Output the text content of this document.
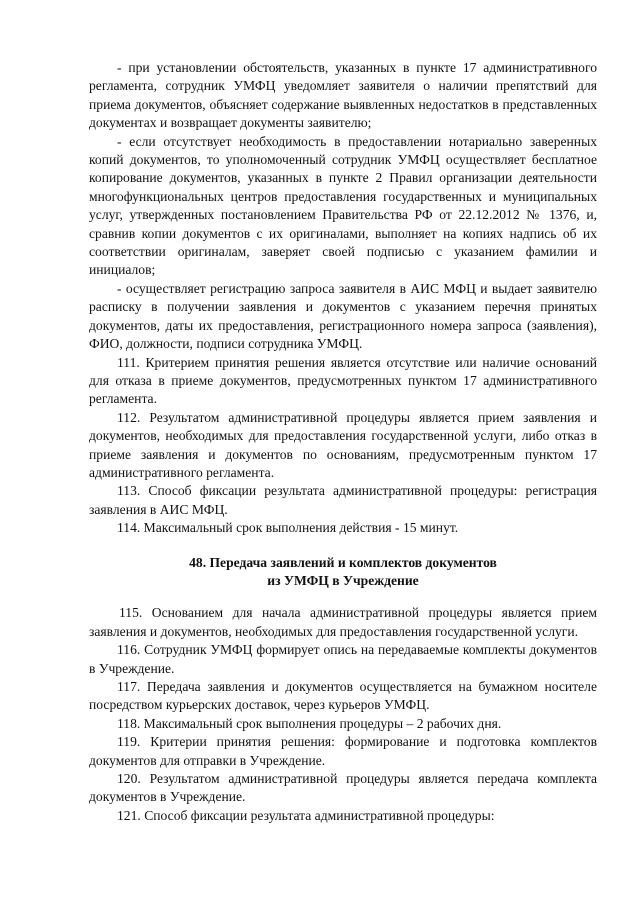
- при установлении обстоятельств, указанных в пункте 17 административного регламента, сотрудник УМФЦ уведомляет заявителя о наличии препятствий для приема документов, объясняет содержание выявленных недостатков в представленных документах и возвращает документы заявителю;

- если отсутствует необходимость в предоставлении нотариально заверенных копий документов, то уполномоченный сотрудник УМФЦ осуществляет бесплатное копирование документов, указанных в пункте 2 Правил организации деятельности многофункциональных центров предоставления государственных и муниципальных услуг, утвержденных постановлением Правительства РФ от 22.12.2012 № 1376, и, сравнив копии документов с их оригиналами, выполняет на копиях надпись об их соответствии оригиналам, заверяет своей подписью с указанием фамилии и инициалов;

- осуществляет регистрацию запроса заявителя в АИС МФЦ и выдает заявителю расписку в получении заявления и документов с указанием перечня принятых документов, даты их предоставления, регистрационного номера запроса (заявления), ФИО, должности, подписи сотрудника УМФЦ.

111. Критерием принятия решения является отсутствие или наличие оснований для отказа в приеме документов, предусмотренных пунктом 17 административного регламента.

112. Результатом административной процедуры является прием заявления и документов, необходимых для предоставления государственной услуги, либо отказ в приеме заявления и документов по основаниям, предусмотренным пунктом 17 административного регламента.

113. Способ фиксации результата административной процедуры: регистрация заявления в АИС МФЦ.

114. Максимальный срок выполнения действия - 15 минут.

48. Передача заявлений и комплектов документов
из УМФЦ в Учреждение

115. Основанием для начала административной процедуры является прием заявления и документов, необходимых для предоставления государственной услуги.

116. Сотрудник УМФЦ формирует опись на передаваемые комплекты документов в Учреждение.

117. Передача заявления и документов осуществляется на бумажном носителе посредством курьерских доставок, через курьеров УМФЦ.

118. Максимальный срок выполнения процедуры – 2 рабочих дня.

119. Критерии принятия решения: формирование и подготовка комплектов документов для отправки в Учреждение.

120. Результатом административной процедуры является передача комплекта документов в Учреждение.

121. Способ фиксации результата административной процедуры:
